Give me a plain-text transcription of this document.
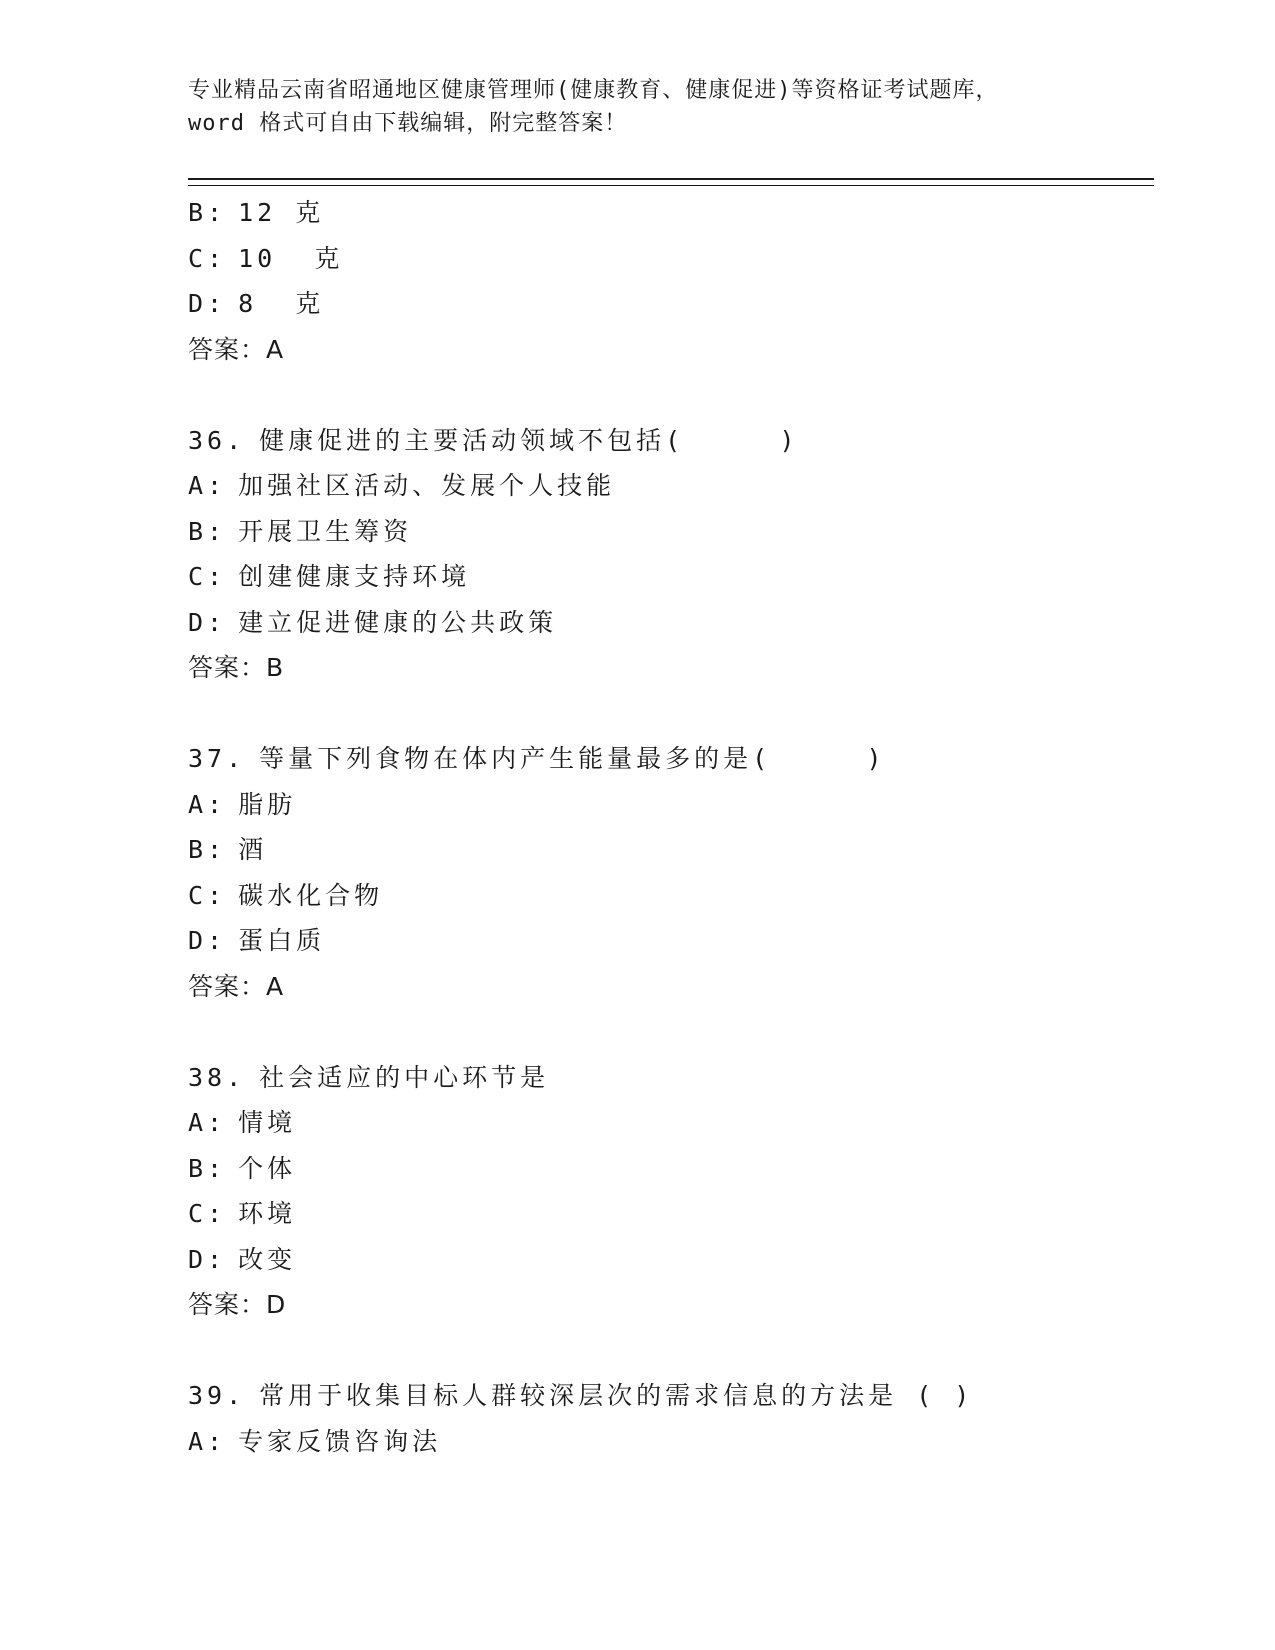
专业精品云南省昭通地区健康管理师(健康教育、健康促进)等资格证考试题库，
word 格式可自由下载编辑，附完整答案！
B: 12 克
C: 10  克
D: 8  克
答案：A
36. 健康促进的主要活动领域不包括(     )
A: 加强社区活动、发展个人技能
B: 开展卫生筹资
C: 创建健康支持环境
D: 建立促进健康的公共政策
答案：B
37. 等量下列食物在体内产生能量最多的是(     )
A: 脂肪
B: 酒
C: 碳水化合物
D: 蛋白质
答案：A
38. 社会适应的中心环节是
A: 情境
B: 个体
C: 环境
D: 改变
答案：D
39. 常用于收集目标人群较深层次的需求信息的方法是 ( )
A: 专家反馈咨询法
